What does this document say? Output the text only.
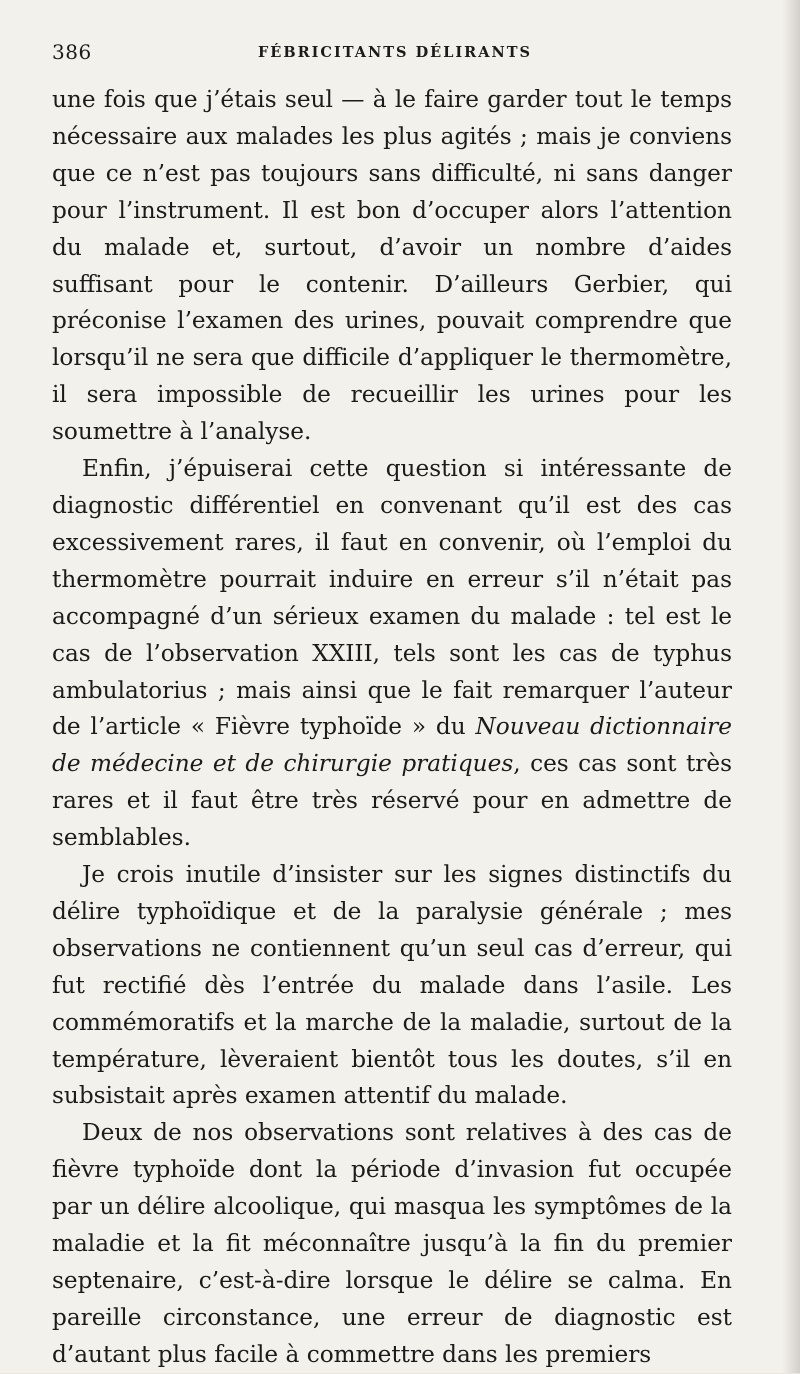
386	FÉBRICITANTS DÉLIRANTS

une fois que j’étais seul — à le faire garder tout le temps nécessaire aux malades les plus agités ; mais je conviens que ce n’est pas toujours sans difficulté, ni sans danger pour l’instrument. Il est bon d’occuper alors l’attention du malade et, surtout, d’avoir un nombre d’aides suffisant pour le contenir. D’ailleurs Gerbier, qui préconise l’examen des urines, pouvait comprendre que lorsqu’il ne sera que difficile d’appliquer le thermomètre, il sera impossible de recueillir les urines pour les soumettre à l’analyse.

Enfin, j’épuiserai cette question si intéressante de diagnostic différentiel en convenant qu’il est des cas excessivement rares, il faut en convenir, où l’emploi du thermomètre pourrait induire en erreur s’il n’était pas accompagné d’un sérieux examen du malade : tel est le cas de l’observation XXIII, tels sont les cas de typhus ambulatorius ; mais ainsi que le fait remarquer l’auteur de l’article « Fièvre typhoïde » du Nouveau dictionnaire de médecine et de chirurgie pratiques, ces cas sont très rares et il faut être très réservé pour en admettre de semblables.

Je crois inutile d’insister sur les signes distinctifs du délire typhoïdique et de la paralysie générale ; mes observations ne contiennent qu’un seul cas d’erreur, qui fut rectifié dès l’entrée du malade dans l’asile. Les commémoratifs et la marche de la maladie, surtout de la température, lèveraient bientôt tous les doutes, s’il en subsistait après examen attentif du malade.

Deux de nos observations sont relatives à des cas de fièvre typhoïde dont la période d’invasion fut occupée par un délire alcoolique, qui masqua les symptômes de la maladie et la fit méconnaître jusqu’à la fin du premier septenaire, c’est-à-dire lorsque le délire se calma. En pareille circonstance, une erreur de diagnostic est d’autant plus facile à commettre dans les premiers
